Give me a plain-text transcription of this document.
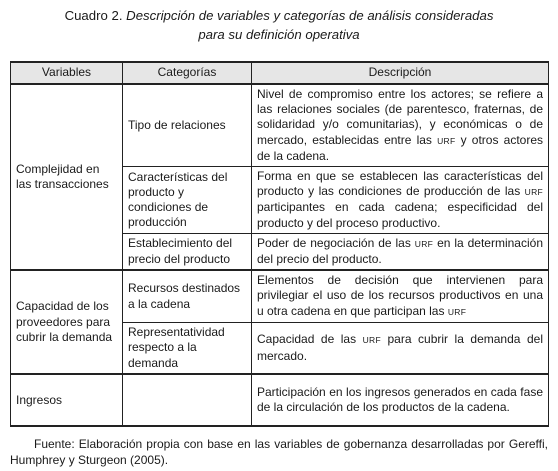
Cuadro 2. Descripción de variables y categorías de análisis consideradas
para su definición operativa
Variables	Categorías	Descripción
Complejidad en las transacciones	Tipo de relaciones	Nivel de compromiso entre los actores; se refiere a las relaciones sociales (de parentesco, fraternas, de solidaridad y/o comunitarias), y económicas o de mercado, establecidas entre las URF y otros actores de la cadena.
	Características del producto y condiciones de producción	Forma en que se establecen las características del producto y las condiciones de producción de las URF participantes en cada cadena; especificidad del producto y del proceso productivo.
	Establecimiento del precio del producto	Poder de negociación de las URF en la determinación del precio del producto.
Capacidad de los proveedores para cubrir la demanda	Recursos destinados a la cadena	Elementos de decisión que intervienen para privilegiar el uso de los recursos productivos en una u otra cadena en que participan las URF
	Representatividad respecto a la demanda	Capacidad de las URF para cubrir la demanda del mercado.
Ingresos		Participación en los ingresos generados en cada fase de la circulación de los productos de la cadena.
Fuente: Elaboración propia con base en las variables de gobernanza desarrolladas por Gereffi, Humphrey y Sturgeon (2005).
